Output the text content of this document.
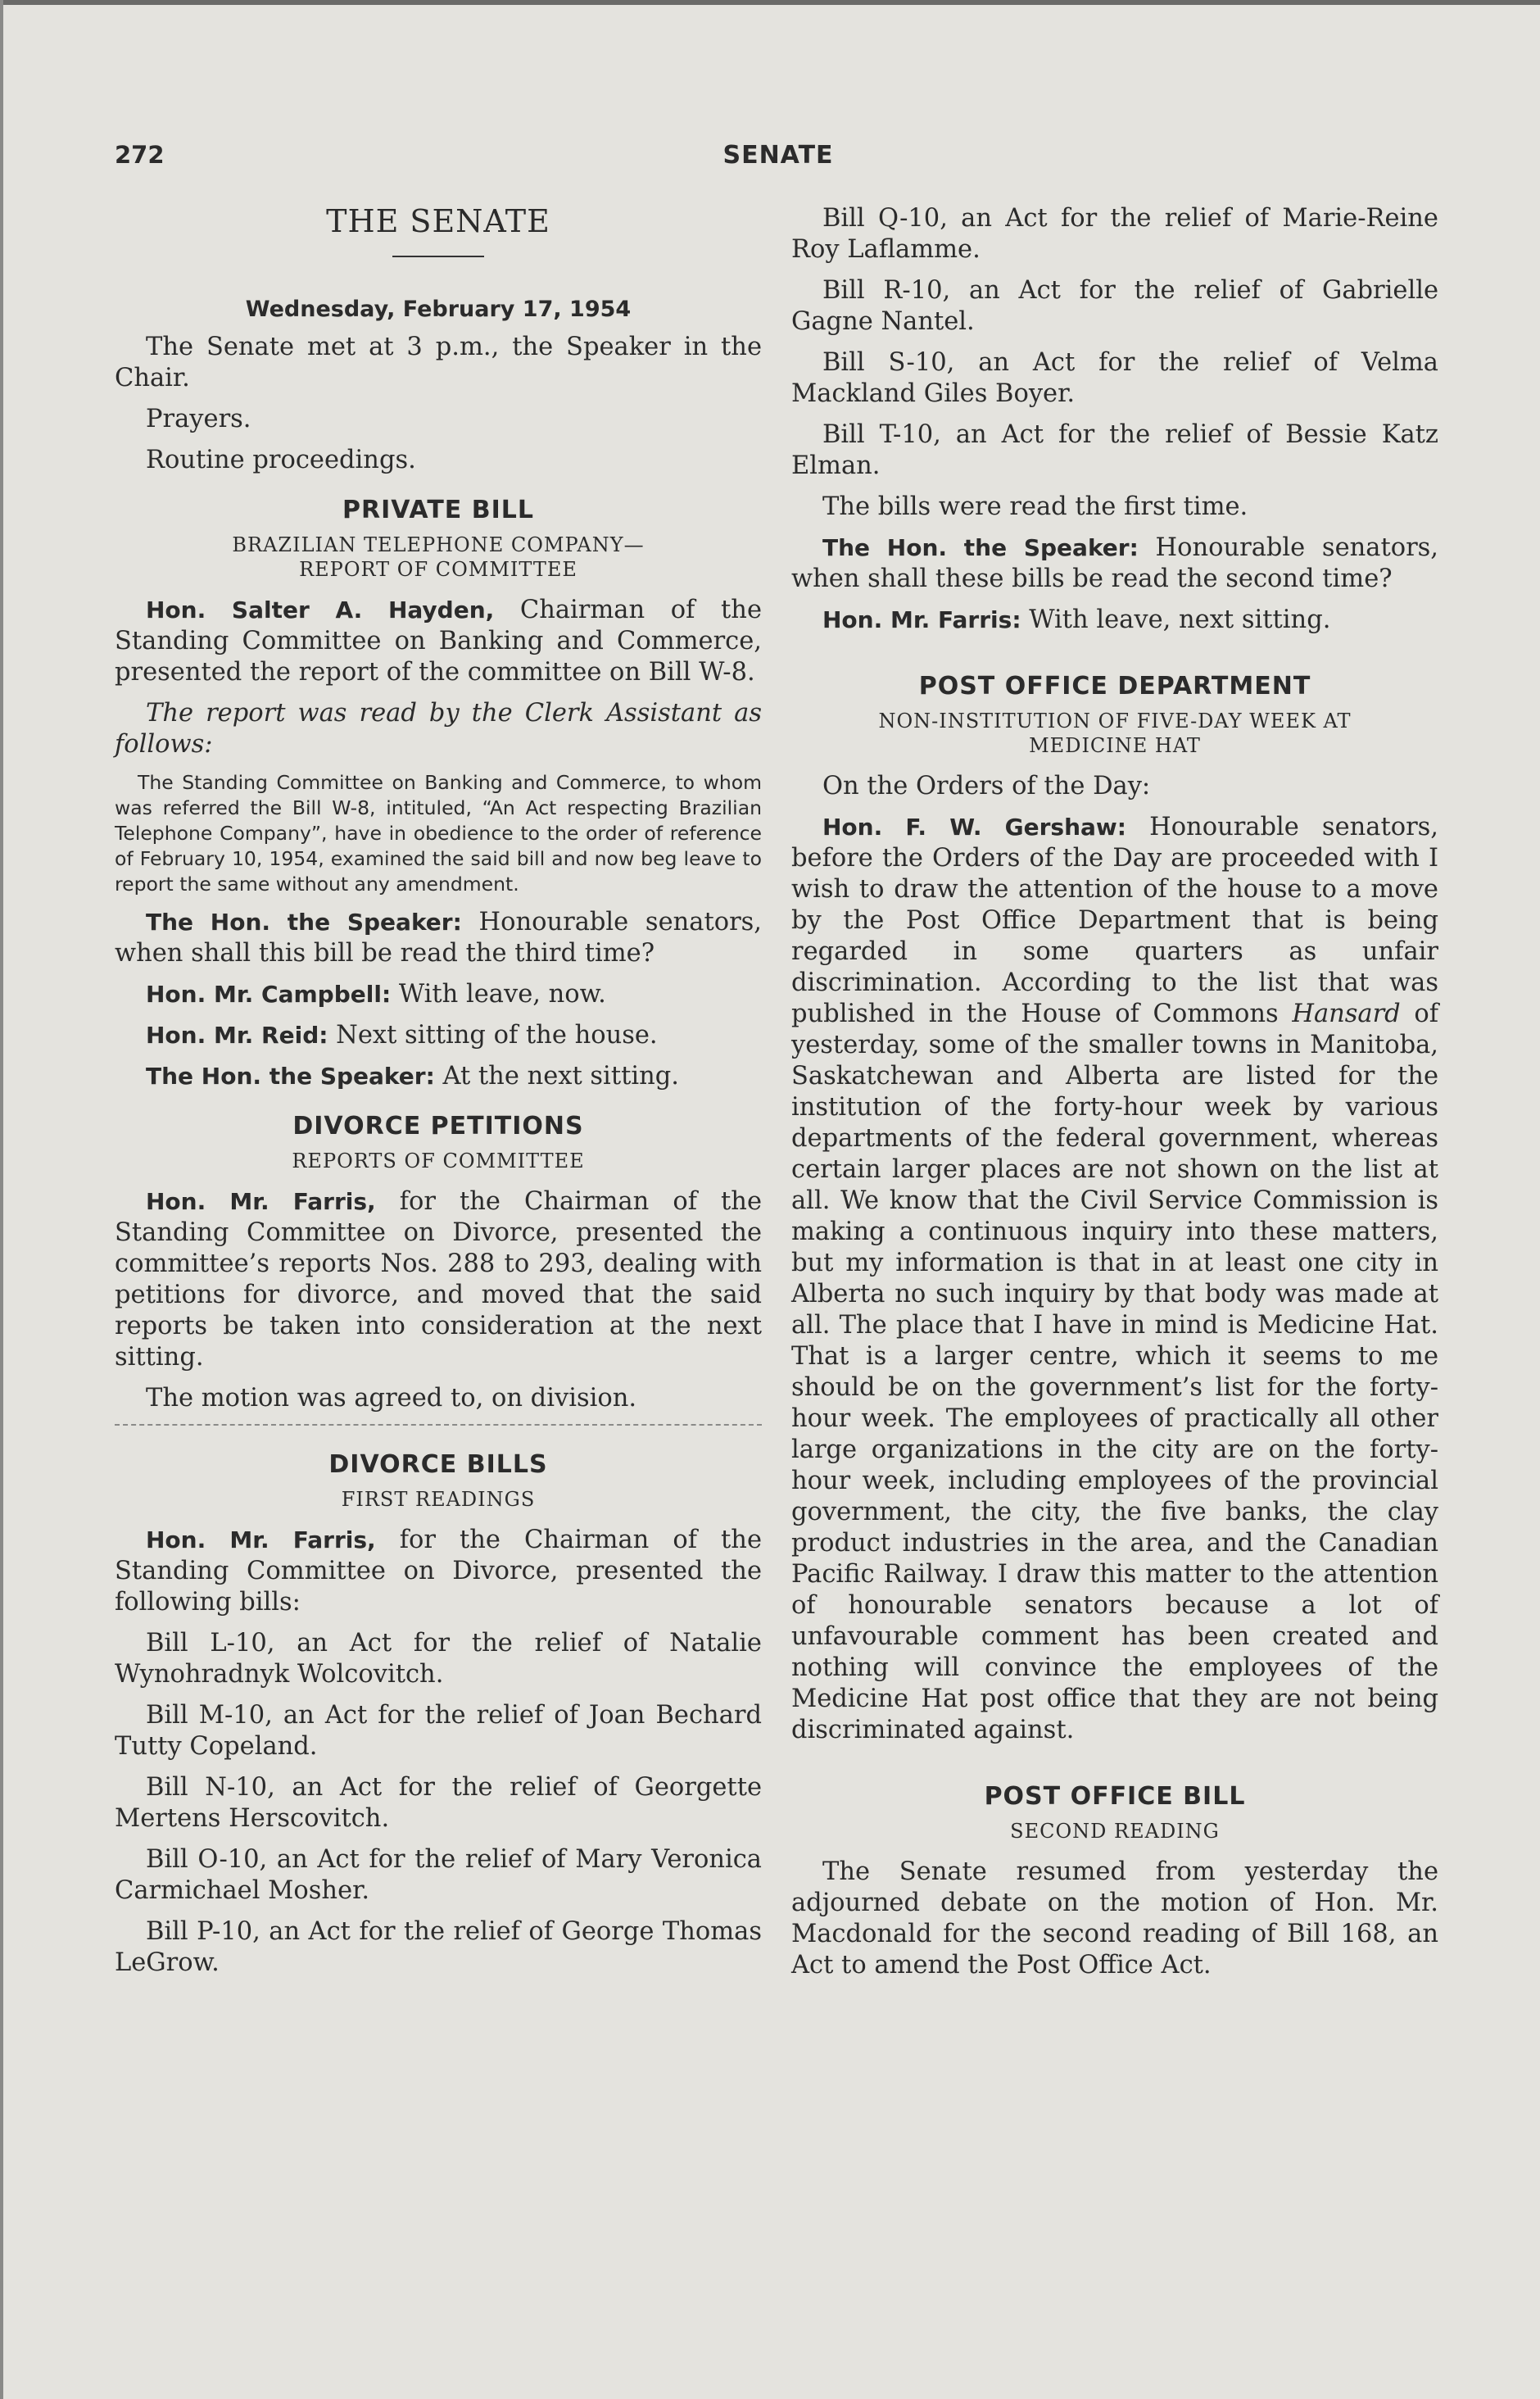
272	SENATE
THE SENATE
Wednesday, February 17, 1954

The Senate met at 3 p.m., the Speaker in the Chair.

Prayers.

Routine proceedings.

PRIVATE BILL
BRAZILIAN TELEPHONE COMPANY—
REPORT OF COMMITTEE

Hon. Salter A. Hayden, Chairman of the Standing Committee on Banking and Commerce, presented the report of the committee on Bill W-8.

The report was read by the Clerk Assistant as follows:

The Standing Committee on Banking and Commerce, to whom was referred the Bill W-8, intituled, “An Act respecting Brazilian Telephone Company”, have in obedience to the order of reference of February 10, 1954, examined the said bill and now beg leave to report the same without any amendment.

The Hon. the Speaker: Honourable senators, when shall this bill be read the third time?

Hon. Mr. Campbell: With leave, now.

Hon. Mr. Reid: Next sitting of the house.

The Hon. the Speaker: At the next sitting.

DIVORCE PETITIONS
REPORTS OF COMMITTEE

Hon. Mr. Farris, for the Chairman of the Standing Committee on Divorce, presented the committee’s reports Nos. 288 to 293, dealing with petitions for divorce, and moved that the said reports be taken into consideration at the next sitting.

The motion was agreed to, on division.

DIVORCE BILLS
FIRST READINGS

Hon. Mr. Farris, for the Chairman of the Standing Committee on Divorce, presented the following bills:

Bill L-10, an Act for the relief of Natalie Wynohradnyk Wolcovitch.

Bill M-10, an Act for the relief of Joan Bechard Tutty Copeland.

Bill N-10, an Act for the relief of Georgette Mertens Herscovitch.

Bill O-10, an Act for the relief of Mary Veronica Carmichael Mosher.

Bill P-10, an Act for the relief of George Thomas LeGrow.

Bill Q-10, an Act for the relief of Marie-Reine Roy Laflamme.

Bill R-10, an Act for the relief of Gabrielle Gagne Nantel.

Bill S-10, an Act for the relief of Velma Mackland Giles Boyer.

Bill T-10, an Act for the relief of Bessie Katz Elman.

The bills were read the first time.

The Hon. the Speaker: Honourable senators, when shall these bills be read the second time?

Hon. Mr. Farris: With leave, next sitting.

POST OFFICE DEPARTMENT
NON-INSTITUTION OF FIVE-DAY WEEK AT
MEDICINE HAT

On the Orders of the Day:

Hon. F. W. Gershaw: Honourable senators, before the Orders of the Day are proceeded with I wish to draw the attention of the house to a move by the Post Office Department that is being regarded in some quarters as unfair discrimination. According to the list that was published in the House of Commons Hansard of yesterday, some of the smaller towns in Manitoba, Saskatchewan and Alberta are listed for the institution of the forty-hour week by various departments of the federal government, whereas certain larger places are not shown on the list at all. We know that the Civil Service Commission is making a continuous inquiry into these matters, but my information is that in at least one city in Alberta no such inquiry by that body was made at all. The place that I have in mind is Medicine Hat. That is a larger centre, which it seems to me should be on the government’s list for the forty-hour week. The employees of practically all other large organizations in the city are on the forty-hour week, including employees of the provincial government, the city, the five banks, the clay product industries in the area, and the Canadian Pacific Railway. I draw this matter to the attention of honourable senators because a lot of unfavourable comment has been created and nothing will convince the employees of the Medicine Hat post office that they are not being discriminated against.

POST OFFICE BILL
SECOND READING

The Senate resumed from yesterday the adjourned debate on the motion of Hon. Mr. Macdonald for the second reading of Bill 168, an Act to amend the Post Office Act.
